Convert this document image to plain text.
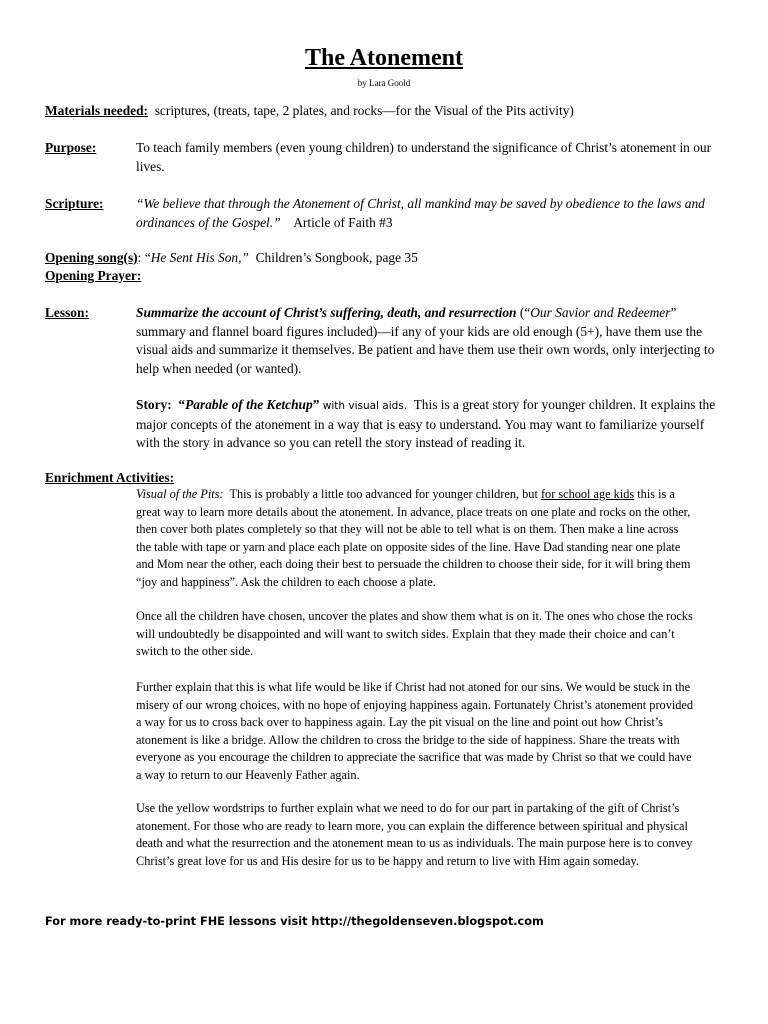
The Atonement
by Lara Goold
Materials needed: scriptures, (treats, tape, 2 plates, and rocks—for the Visual of the Pits activity)
Purpose:	To teach family members (even young children) to understand the significance of Christ’s atonement in our lives.
Scripture: “We believe that through the Atonement of Christ, all mankind may be saved by obedience to the laws and ordinances of the Gospel.” Article of Faith #3
Opening song(s): “He Sent His Son,” Children’s Songbook, page 35
Opening Prayer:
Lesson:	Summarize the account of Christ’s suffering, death, and resurrection (“Our Savior and Redeemer” summary and flannel board figures included)—if any of your kids are old enough (5+), have them use the visual aids and summarize it themselves. Be patient and have them use their own words, only interjecting to help when needed (or wanted).
Story: “Parable of the Ketchup” with visual aids. This is a great story for younger children. It explains the major concepts of the atonement in a way that is easy to understand. You may want to familiarize yourself with the story in advance so you can retell the story instead of reading it.
Enrichment Activities:
Visual of the Pits: This is probably a little too advanced for younger children, but for school age kids this is a great way to learn more details about the atonement. In advance, place treats on one plate and rocks on the other, then cover both plates completely so that they will not be able to tell what is on them. Then make a line across the table with tape or yarn and place each plate on opposite sides of the line. Have Dad standing near one plate and Mom near the other, each doing their best to persuade the children to choose their side, for it will bring them “joy and happiness”. Ask the children to each choose a plate.
Once all the children have chosen, uncover the plates and show them what is on it. The ones who chose the rocks will undoubtedly be disappointed and will want to switch sides. Explain that they made their choice and can’t switch to the other side.
Further explain that this is what life would be like if Christ had not atoned for our sins. We would be stuck in the misery of our wrong choices, with no hope of enjoying happiness again. Fortunately Christ’s atonement provided a way for us to cross back over to happiness again. Lay the pit visual on the line and point out how Christ’s atonement is like a bridge. Allow the children to cross the bridge to the side of happiness. Share the treats with everyone as you encourage the children to appreciate the sacrifice that was made by Christ so that we could have a way to return to our Heavenly Father again.
Use the yellow wordstrips to further explain what we need to do for our part in partaking of the gift of Christ’s atonement. For those who are ready to learn more, you can explain the difference between spiritual and physical death and what the resurrection and the atonement mean to us as individuals. The main purpose here is to convey Christ’s great love for us and His desire for us to be happy and return to live with Him again someday.
For more ready-to-print FHE lessons visit http://thegoldenseven.blogspot.com
